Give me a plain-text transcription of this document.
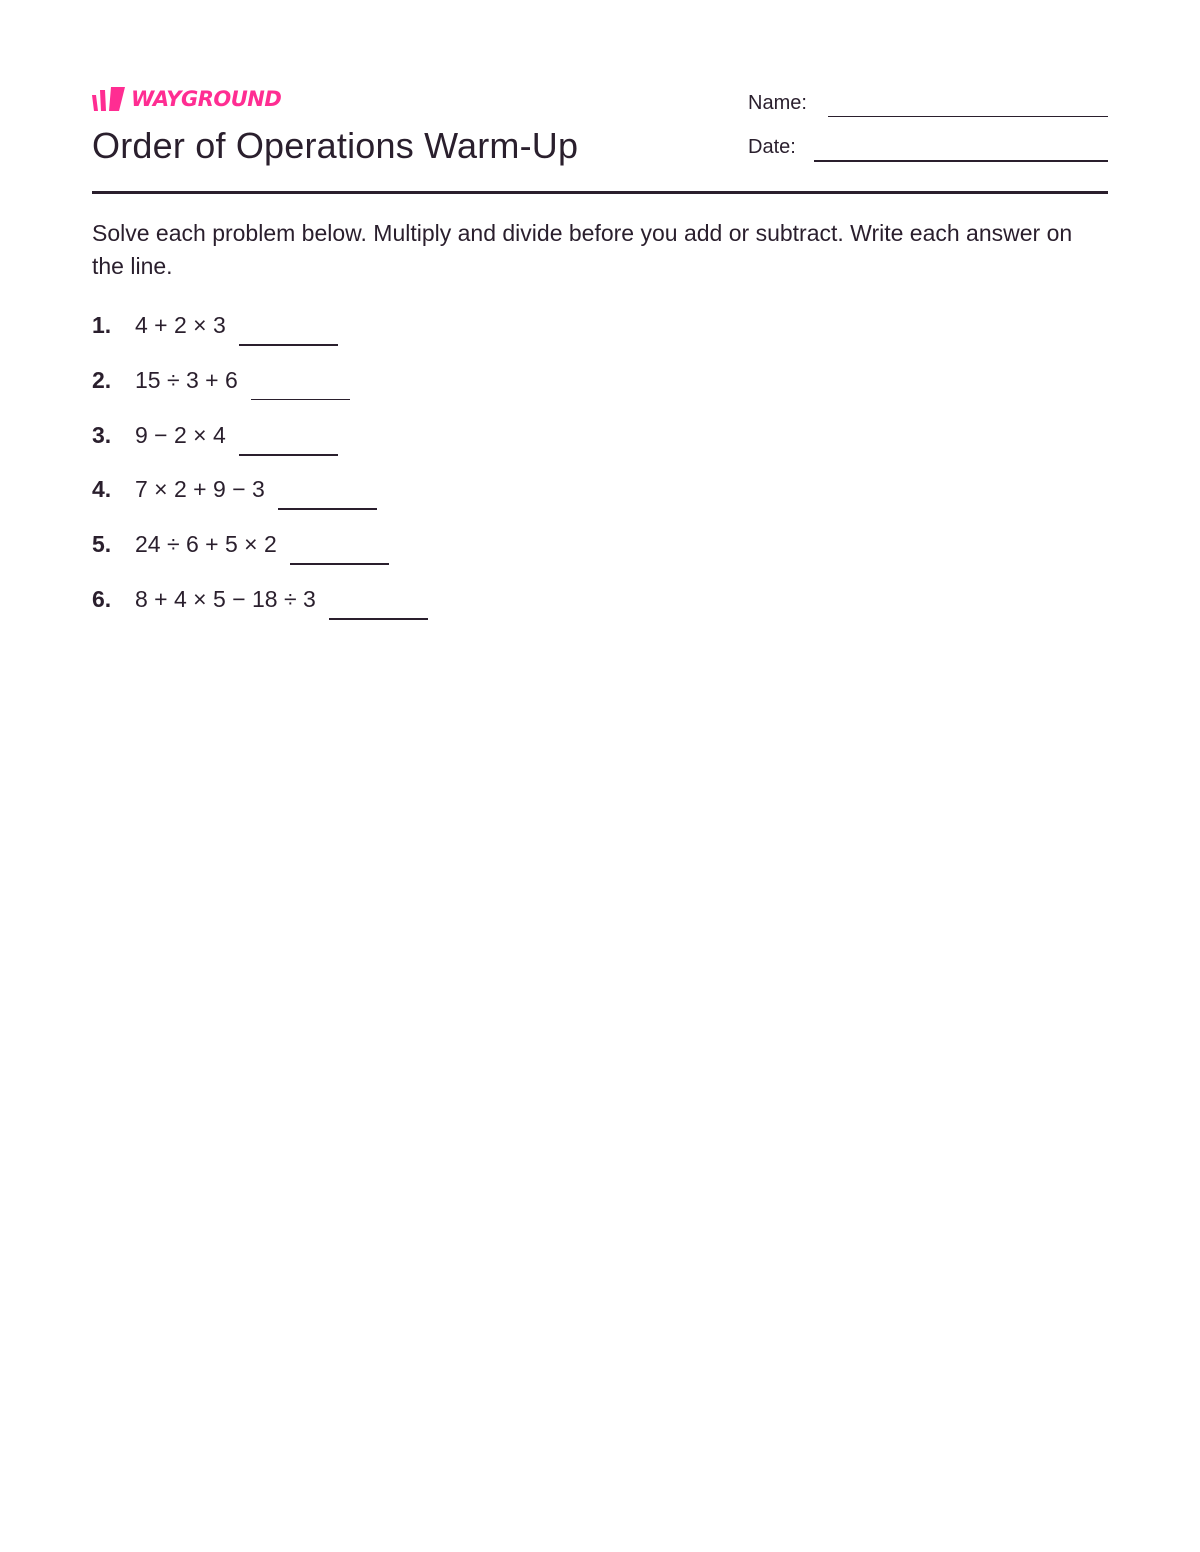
WAYGROUND
Order of Operations Warm-Up
Name:
Date:

Solve each problem below. Multiply and divide before you add or subtract. Write each answer on the line.

1.	4 + 2 × 3
2.	15 ÷ 3 + 6
3.	9 − 2 × 4
4.	7 × 2 + 9 − 3
5.	24 ÷ 6 + 5 × 2
6.	8 + 4 × 5 − 18 ÷ 3
